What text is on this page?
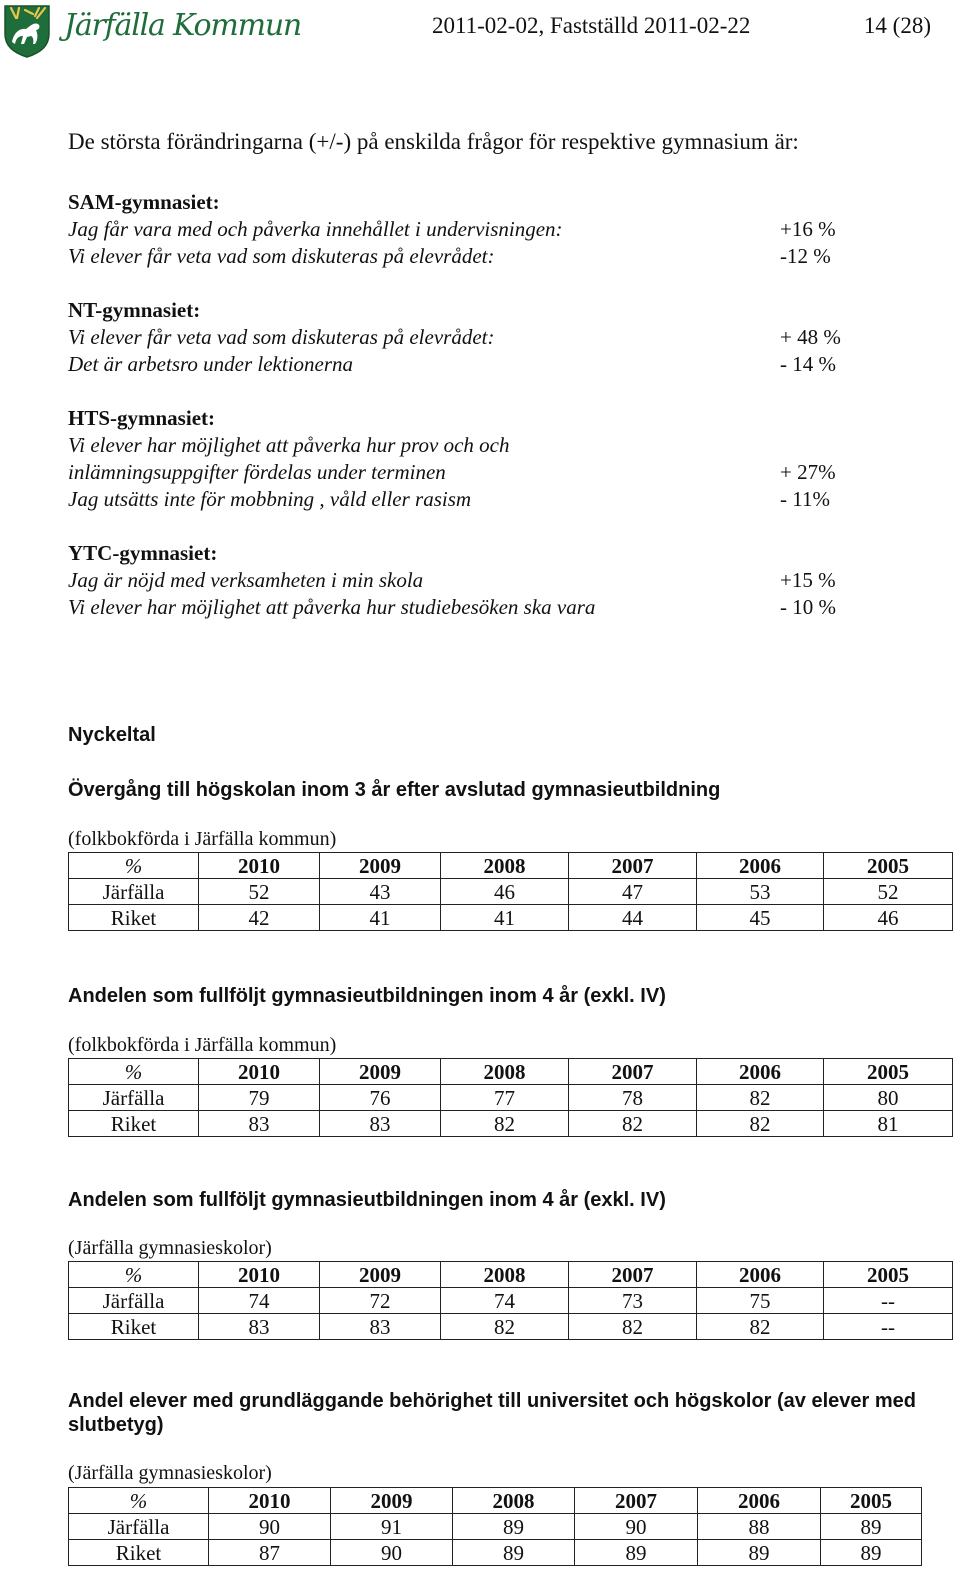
Järfälla Kommun	2011-02-02, Fastställd 2011-02-22	14 (28)
De största förändringarna (+/-) på enskilda frågor för respektive gymnasium är:
SAM-gymnasiet:
Jag får vara med och påverka innehållet i undervisningen:	+16 %
Vi elever får veta vad som diskuteras på elevrådet:	-12 %
NT-gymnasiet:
Vi elever får veta vad som diskuteras på elevrådet:	+ 48 %
Det är arbetsro under lektionerna	- 14 %
HTS-gymnasiet:
Vi elever har möjlighet att påverka hur prov och och
inlämningsuppgifter fördelas under terminen	+ 27%
Jag utsätts inte för mobbning , våld eller rasism	- 11%
YTC-gymnasiet:
Jag är nöjd med verksamheten i min skola	+15 %
Vi elever har möjlighet att påverka hur studiebesöken ska vara	- 10 %
Nyckeltal
Övergång till högskolan inom 3 år efter avslutad gymnasieutbildning
(folkbokförda i Järfälla kommun)
%	2010	2009	2008	2007	2006	2005
Järfälla	52	43	46	47	53	52
Riket	42	41	41	44	45	46
Andelen som fullföljt gymnasieutbildningen inom 4 år (exkl. IV)
(folkbokförda i Järfälla kommun)
%	2010	2009	2008	2007	2006	2005
Järfälla	79	76	77	78	82	80
Riket	83	83	82	82	82	81
Andelen som fullföljt gymnasieutbildningen inom 4 år (exkl. IV)
(Järfälla gymnasieskolor)
%	2010	2009	2008	2007	2006	2005
Järfälla	74	72	74	73	75	--
Riket	83	83	82	82	82	--
Andel elever med grundläggande behörighet till universitet och högskolor (av elever med slutbetyg)
(Järfälla gymnasieskolor)
%	2010	2009	2008	2007	2006	2005
Järfälla	90	91	89	90	88	89
Riket	87	90	89	89	89	89
